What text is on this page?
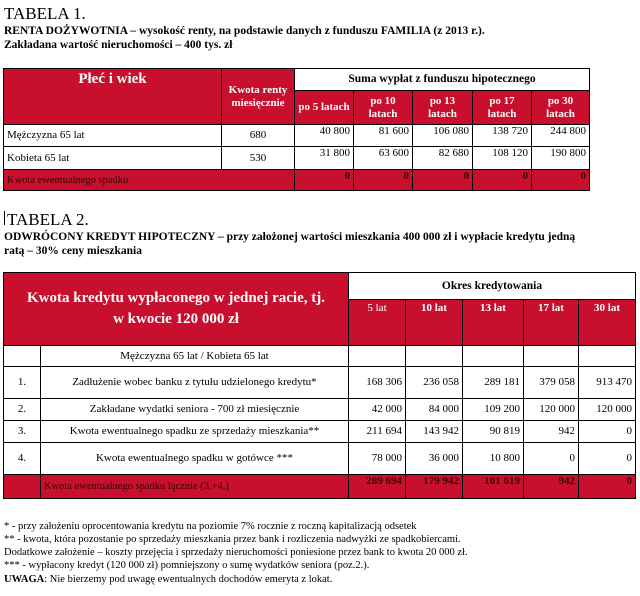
TABELA 1.
RENTA DOŻYWOTNIA – wysokość renty, na podstawie danych z funduszu FAMILIA (z 2013 r.).
Zakładana wartość nieruchomości – 400 tys. zł
Płeć i wiek	Kwota renty miesięcznie	Suma wypłat z funduszu hipotecznego				
		po 5 latach	po 10 latach	po 13 latach	po 17 latach	po 30 latach
Mężczyzna 65 lat	680	40 800	81 600	106 080	138 720	244 800
Kobieta 65 lat	530	31 800	63 600	82 680	108 120	190 800
Kwota ewentualnego spadku		0	0	0	0	0
TABELA 2.
ODWRÓCONY KREDYT HIPOTECZNY – przy założonej wartości mieszkania 400 000 zł i wypłacie kredytu jedną
ratą – 30% ceny mieszkania
Kwota kredytu wypłaconego w jednej racie, tj. w kwocie 120 000 zł		Okres kredytowania				
		5 lat	10 lat	13 lat	17 lat	30 lat
	Mężczyzna 65 lat / Kobieta 65 lat					
1.	Zadłużenie wobec banku z tytułu udzielonego kredytu*	168 306	236 058	289 181	379 058	913 470
2.	Zakładane wydatki seniora - 700 zł miesięcznie	42 000	84 000	109 200	120 000	120 000
3.	Kwota ewentualnego spadku ze sprzedaży mieszkania**	211 694	143 942	90 819	942	0
4.	Kwota ewentualnego spadku w gotówce ***	78 000	36 000	10 800	0	0
	Kwota ewentualnego spadku łącznie (3.+4.)	289 694	179 942	101 619	942	0
* - przy założeniu oprocentowania kredytu na poziomie 7% rocznie z roczną kapitalizacją odsetek
** - kwota, która pozostanie po sprzedaży mieszkania przez bank i rozliczenia nadwyżki ze spadkobiercami.
Dodatkowe założenie – koszty przejęcia i sprzedaży nieruchomości poniesione przez bank to kwota 20 000 zł.
*** - wypłacony kredyt (120 000 zł) pomniejszony o sumę wydatków seniora (poz.2.).
UWAGA: Nie bierzemy pod uwagę ewentualnych dochodów emeryta z lokat.
